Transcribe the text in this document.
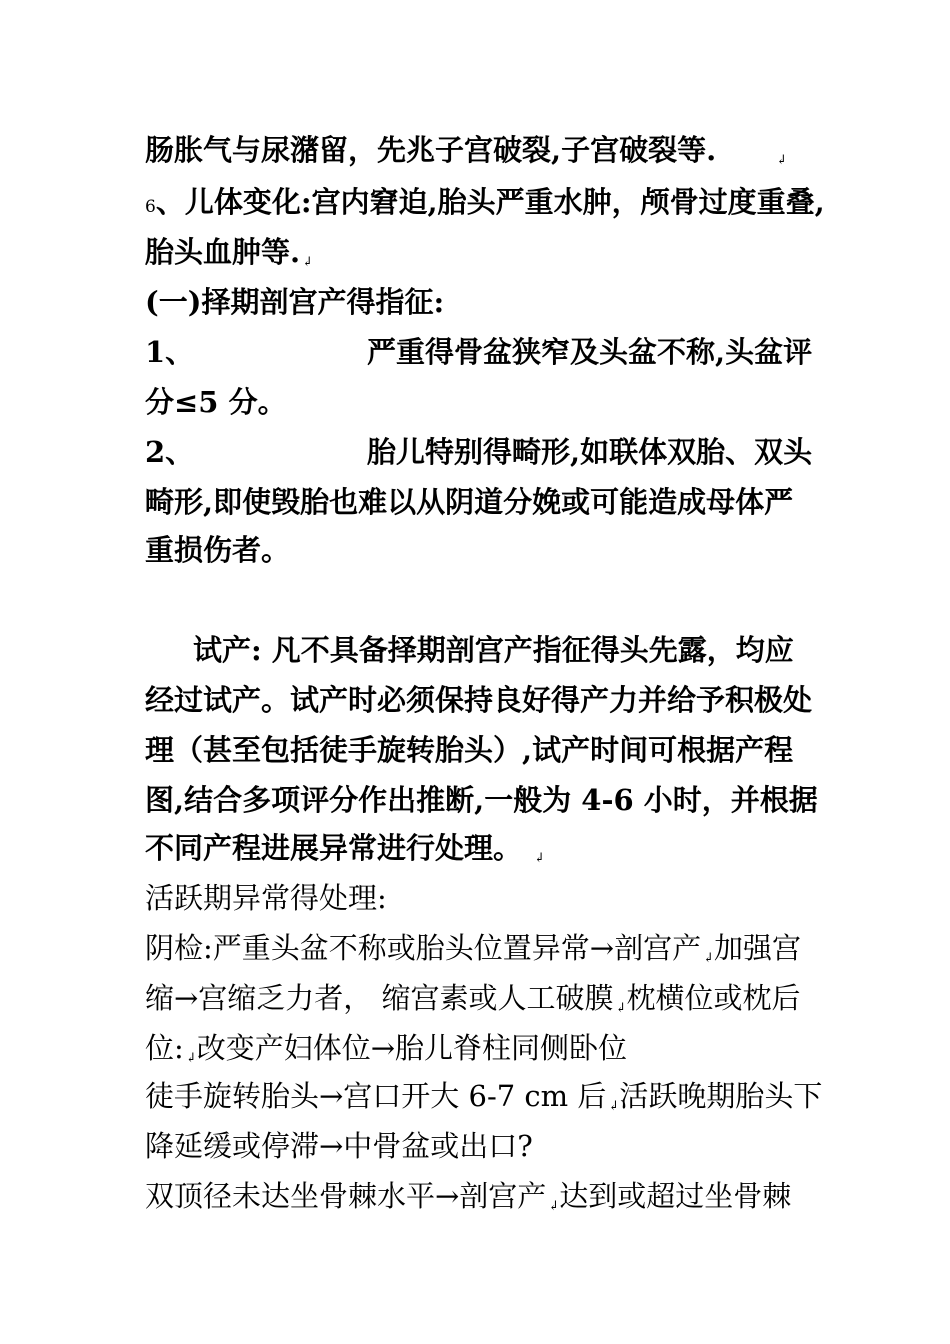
肠胀气与尿潴留，先兆子宫破裂,子宫破裂等.	↲
6、儿体变化:宫内窘迫,胎头严重水肿，颅骨过度重叠,
胎头血肿等. ↲
(一)择期剖宫产得指征:
1、	严重得骨盆狭窄及头盆不称,头盆评
分≤5 分。
2、	胎儿特别得畸形,如联体双胎、双头
畸形,即使毁胎也难以从阴道分娩或可能造成母体严
重损伤者。
试产: 凡不具备择期剖宫产指征得头先露，均应
经过试产。试产时必须保持良好得产力并给予积极处
理（甚至包括徒手旋转胎头）,试产时间可根据产程
图,结合多项评分作出推断,一般为 4-6 小时，并根据
不同产程进展异常进行处理。 ↲
活跃期异常得处理:
阴检:严重头盆不称或胎头位置异常→剖宫产 ↲加强宫
缩→宫缩乏力者， 缩宫素或人工破膜 ↲枕横位或枕后
位: ↲改变产妇体位→胎儿脊柱同侧卧位
徒手旋转胎头→宫口开大 6-7 cm 后 ↲活跃晚期胎头下
降延缓或停滞→中骨盆或出口?
双顶径未达坐骨棘水平→剖宫产 ↲达到或超过坐骨棘
